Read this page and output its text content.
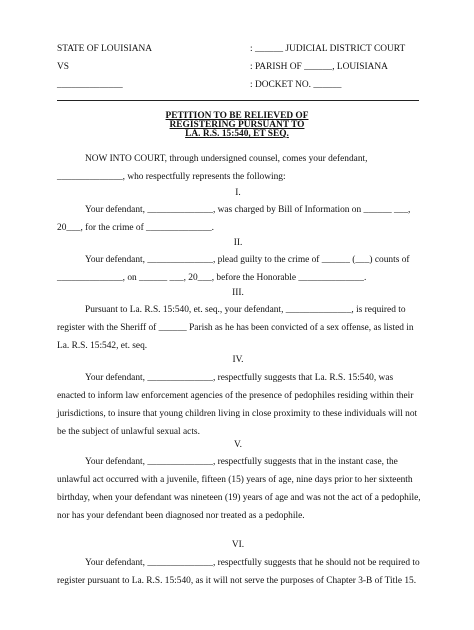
STATE OF LOUISIANA
VS
______________
: ______ JUDICIAL DISTRICT COURT
: PARISH OF ______, LOUISIANA
: DOCKET NO. ______
PETITION TO BE RELIEVED OF
REGISTERING PURSUANT TO
LA. R.S. 15:540, ET SEQ.
NOW INTO COURT, through undersigned counsel, comes your defendant,
______________, who respectfully represents the following:
I.
Your defendant, ______________, was charged by Bill of Information on ______ ___,
20___, for the crime of ______________.
II.
Your defendant, ______________, plead guilty to the crime of ______ (___) counts of
______________, on ______ ___, 20___, before the Honorable ______________.
III.
Pursuant to La. R.S. 15:540, et. seq., your defendant, ______________, is required to
register with the Sheriff of ______ Parish as he has been convicted of a sex offense, as listed in
La. R.S. 15:542, et. seq.
IV.
Your defendant, ______________, respectfully suggests that La. R.S. 15:540, was
enacted to inform law enforcement agencies of the presence of pedophiles residing within their
jurisdictions, to insure that young children living in close proximity to these individuals will not
be the subject of unlawful sexual acts.
V.
Your defendant, ______________, respectfully suggests that in the instant case, the
unlawful act occurred with a juvenile, fifteen (15) years of age, nine days prior to her sixteenth
birthday, when your defendant was nineteen (19) years of age and was not the act of a pedophile,
nor has your defendant been diagnosed nor treated as a pedophile.
VI.
Your defendant, ______________, respectfully suggests that he should not be required to
register pursuant to La. R.S. 15:540, as it will not serve the purposes of Chapter 3-B of Title 15.
